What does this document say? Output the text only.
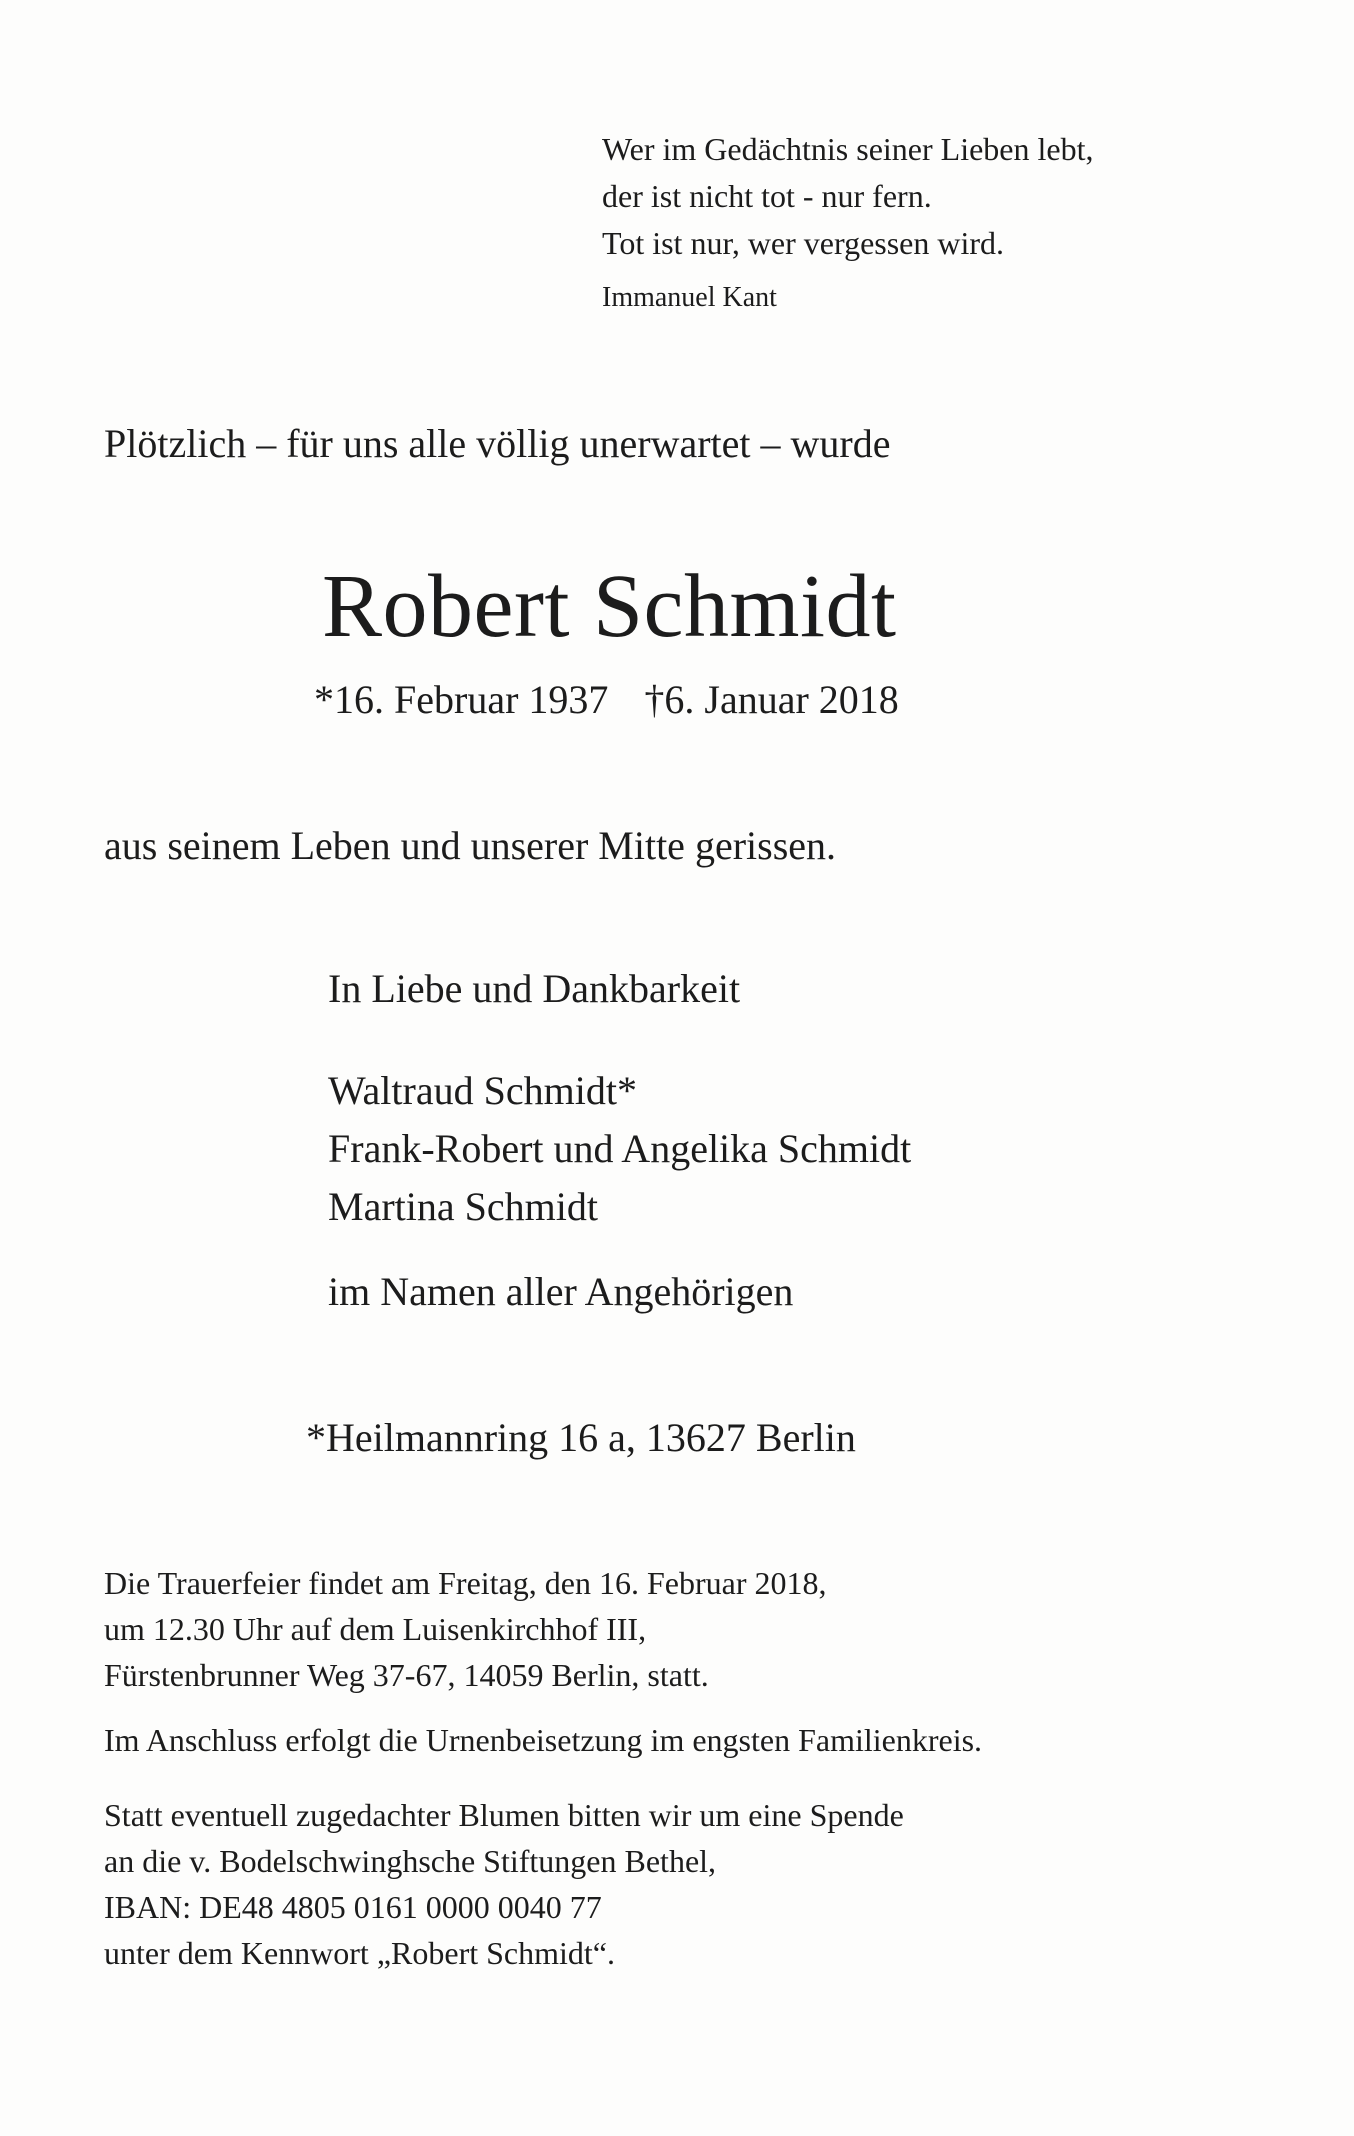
Wer im Gedächtnis seiner Lieben lebt,
der ist nicht tot - nur fern.
Tot ist nur, wer vergessen wird.
Immanuel Kant
Plötzlich – für uns alle völlig unerwartet – wurde
Robert Schmidt
*16. Februar 1937 †6. Januar 2018
aus seinem Leben und unserer Mitte gerissen.
In Liebe und Dankbarkeit
Waltraud Schmidt*
Frank-Robert und Angelika Schmidt
Martina Schmidt
im Namen aller Angehörigen
*Heilmannring 16 a, 13627 Berlin
Die Trauerfeier findet am Freitag, den 16. Februar 2018,
um 12.30 Uhr auf dem Luisenkirchhof III,
Fürstenbrunner Weg 37-67, 14059 Berlin, statt.
Im Anschluss erfolgt die Urnenbeisetzung im engsten Familienkreis.
Statt eventuell zugedachter Blumen bitten wir um eine Spende
an die v. Bodelschwinghsche Stiftungen Bethel,
IBAN: DE48 4805 0161 0000 0040 77
unter dem Kennwort „Robert Schmidt“.
